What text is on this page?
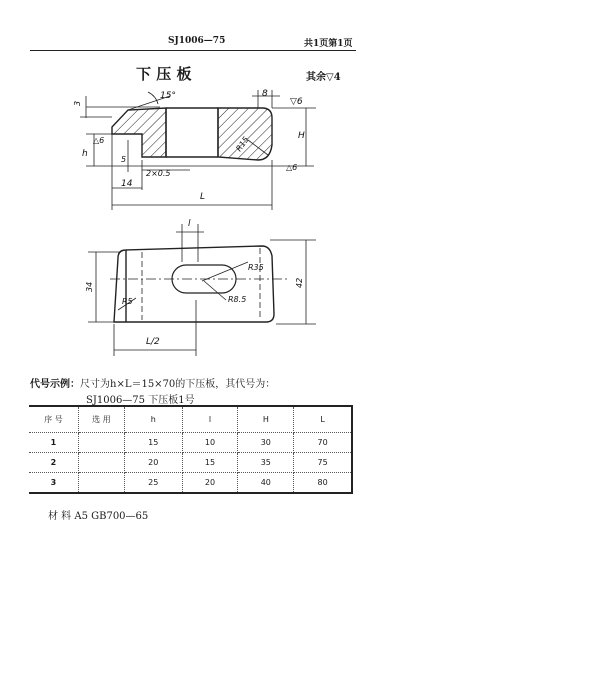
SJ1006—75	共1页第1页
下 压 板	其余▽4
15°
3
8
▽6
△6
△6
h
H
5
2×0.5
R15
14
L
l
R35
R8.5
R5
34	42
L/2
代号示例：尺寸为h×L＝15×70的下压板，其代号为：
SJ1006—75 下压板1号
序 号	选 用	h	l	H	L
1		15	10	30	70
2		20	15	35	75
3		25	20	40	80
材 料 A5 GB700—65
